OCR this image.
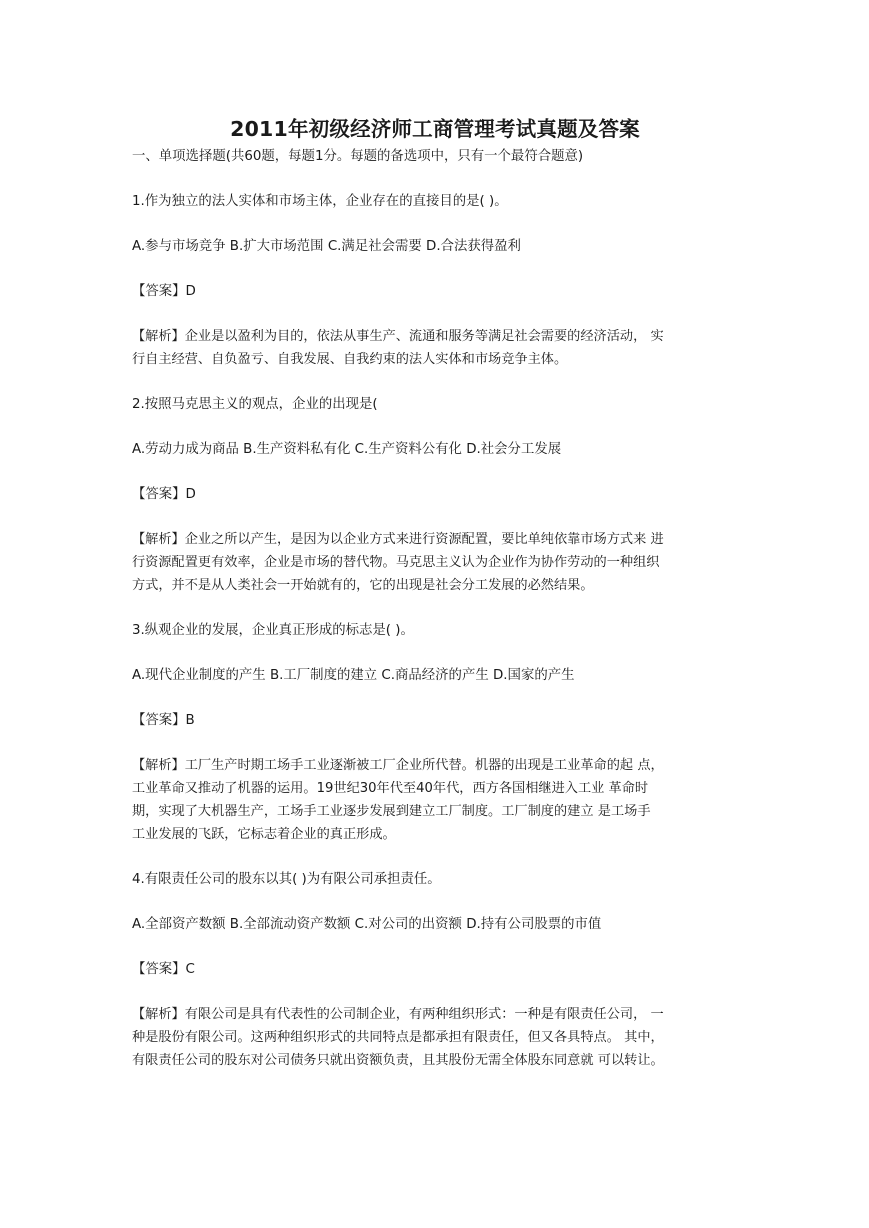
2011年初级经济师工商管理考试真题及答案

一、单项选择题(共60题，每题1分。每题的备选项中，只有一个最符合题意)

1.作为独立的法人实体和市场主体，企业存在的直接目的是( )。

A.参与市场竞争 B.扩大市场范围 C.满足社会需要 D.合法获得盈利

【答案】D

【解析】企业是以盈利为目的，依法从事生产、流通和服务等满足社会需要的经济活动， 实
行自主经营、自负盈亏、自我发展、自我约束的法人实体和市场竞争主体。

2.按照马克思主义的观点，企业的出现是(

A.劳动力成为商品 B.生产资料私有化 C.生产资料公有化 D.社会分工发展

【答案】D

【解析】企业之所以产生，是因为以企业方式来进行资源配置，要比单纯依靠市场方式来 进
行资源配置更有效率，企业是市场的替代物。马克思主义认为企业作为协作劳动的一种组织
方式，并不是从人类社会一开始就有的，它的出现是社会分工发展的必然结果。

3.纵观企业的发展，企业真正形成的标志是( )。

A.现代企业制度的产生 B.工厂制度的建立 C.商品经济的产生 D.国家的产生

【答案】B

【解析】工厂生产时期工场手工业逐渐被工厂企业所代替。机器的出现是工业革命的起 点，
工业革命又推动了机器的运用。19世纪30年代至40年代，西方各国相继进入工业 革命时
期，实现了大机器生产，工场手工业逐步发展到建立工厂制度。工厂制度的建立 是工场手
工业发展的飞跃，它标志着企业的真正形成。

4.有限责任公司的股东以其( )为有限公司承担责任。

A.全部资产数额 B.全部流动资产数额 C.对公司的出资额 D.持有公司股票的市值

【答案】C

【解析】有限公司是具有代表性的公司制企业，有两种组织形式：一种是有限责任公司， 一
种是股份有限公司。这两种组织形式的共同特点是都承担有限责任，但又各具特点。 其中，
有限责任公司的股东对公司债务只就出资额负责，且其股份无需全体股东同意就 可以转让。
